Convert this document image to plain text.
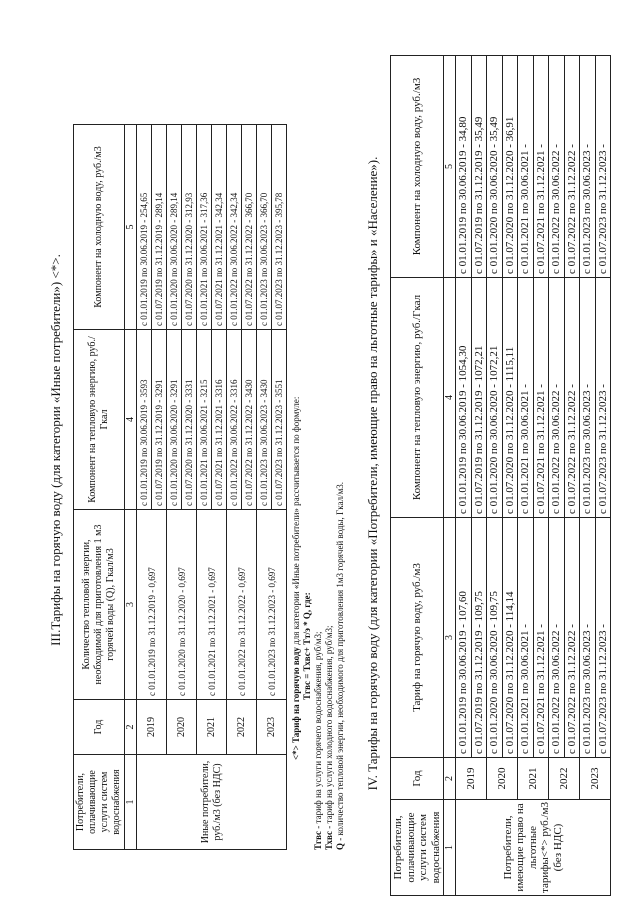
III.Тарифы на горячую воду (для категории «Иные потребители») <*>.
Потребители, оплачивающие услуги систем водоснабжения	Год	Количество тепловой энергии, необходимой для приготовления 1 м3 горячей воды (Q), Гкал/м3	Компонент на тепловую энергию, руб./Гкал	Компонент на холодную воду, руб./м3
1	2	3	4	5
Иные потребители, руб./м3 (без НДС)	2019	с 01.01.2019 по 31.12.2019 - 0,697	с 01.01.2019 по 30.06.2019 - 3593	с 01.01.2019 по 30.06.2019 - 254,65
			с 01.07.2019 по 31.12.2019 - 3291	с 01.07.2019 по 31.12.2019 - 289,14
	2020	с 01.01.2020 по 31.12.2020 - 0,697	с 01.01.2020 по 30.06.2020 - 3291	с 01.01.2020 по 30.06.2020 - 289,14
			с 01.07.2020 по 31.12.2020 - 3331	с 01.07.2020 по 31.12.2020 - 312,93
	2021	с 01.01.2021 по 31.12.2021 - 0,697	с 01.01.2021 по 30.06.2021 - 3215	с 01.01.2021 по 30.06.2021 - 317,36
			с 01.07.2021 по 31.12.2021 - 3316	с 01.07.2021 по 31.12.2021 - 342,34
	2022	с 01.01.2022 по 31.12.2022 - 0,697	с 01.01.2022 по 30.06.2022 - 3316	с 01.01.2022 по 30.06.2022 - 342,34
			с 01.07.2022 по 31.12.2022 - 3430	с 01.07.2022 по 31.12.2022 - 366,70
	2023	с 01.01.2023 по 31.12.2023 - 0,697	с 01.01.2023 по 30.06.2023 - 3430	с 01.01.2023 по 30.06.2023 - 366,70
			с 01.07.2023 по 31.12.2023 - 3551	с 01.07.2023 по 31.12.2023 - 395,78
<*> Тариф на горячую воду для категории «Иные потребители» рассчитывается по формуле: Тгвс = Тхвс+ Тт/э * Q, где:
Тгвс - тариф на услуги горячего водоснабжения, руб/м3;
Тхвс - тариф на услуги холодного водоснабжения, руб/м3;
Q - количество тепловой энергии, необходимого для приготовления 1м3 горячей воды, Гкал/м3. IV. Тарифы на горячую воду (для категории «Потребители, имеющие право на льготные тарифы» и «Население»).
Потребители, оплачивающие услуги систем водоснабжения	Год	Тариф на горячую воду, руб./м3	Компонент на тепловую энергию, руб./Гкал	Компонент на холодную воду, руб./м3
1	2	3	4	5
Потребители, имеющие право на льготные тарифы<*> руб./м3 (без НДС)	2019	с 01.01.2019 по 30.06.2019 - 107,60	с 01.01.2019 по 30.06.2019 - 1054,30	с 01.01.2019 по 30.06.2019 - 34,80
		с 01.07.2019 по 31.12.2019 - 109,75	с 01.07.2019 по 31.12.2019 - 1072,21	с 01.07.2019 по 31.12.2019 - 35,49
	2020	с 01.01.2020 по 30.06.2020 - 109,75	с 01.01.2020 по 30.06.2020 - 1072,21	с 01.01.2020 по 30.06.2020 - 35,49
		с 01.07.2020 по 31.12.2020 - 114,14	с 01.07.2020 по 31.12.2020 - 1115,11	с 01.07.2020 по 31.12.2020 - 36,91
	2021	с 01.01.2021 по 30.06.2021 -	с 01.01.2021 по 30.06.2021 -	с 01.01.2021 по 30.06.2021 -
		с 01.07.2021 по 31.12.2021 -	с 01.07.2021 по 31.12.2021 -	с 01.07.2021 по 31.12.2021 -
	2022	с 01.01.2022 по 30.06.2022 -	с 01.01.2022 по 30.06.2022 -	с 01.01.2022 по 30.06.2022 -
		с 01.07.2022 по 31.12.2022 -	с 01.07.2022 по 31.12.2022 -	с 01.07.2022 по 31.12.2022 -
	2023	с 01.01.2023 по 30.06.2023 -	с 01.01.2023 по 30.06.2023 -	с 01.01.2023 по 30.06.2023 -
		с 01.07.2023 по 31.12.2023 -	с 01.07.2023 по 31.12.2023 -	с 01.07.2023 по 31.12.2023 -
